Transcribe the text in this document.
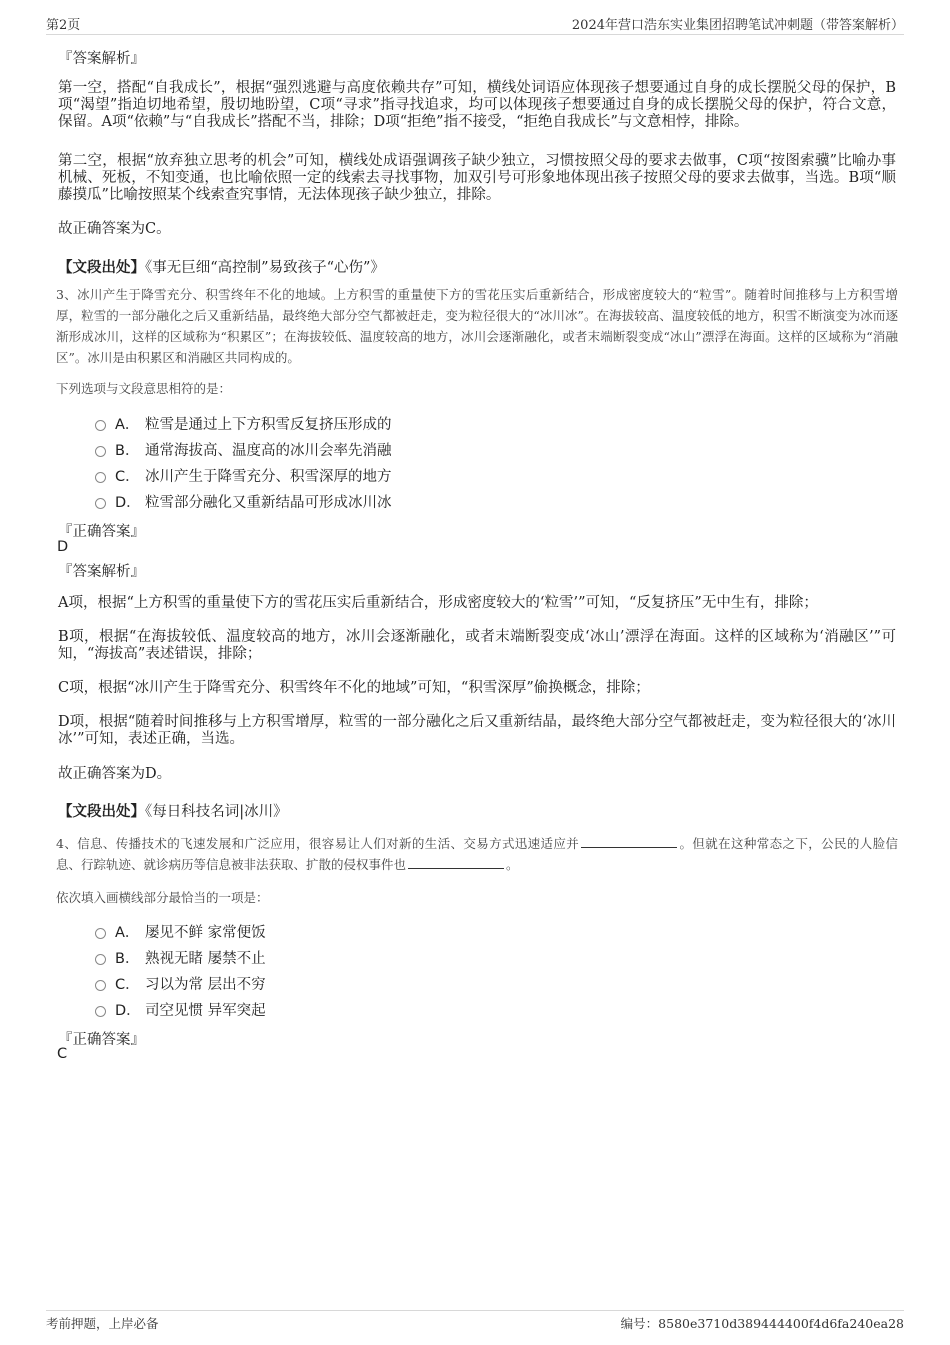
第2页	2024年营口浩东实业集团招聘笔试冲刺题（带答案解析）
『答案解析』
第一空，搭配“自我成长”，根据“强烈逃避与高度依赖共存”可知，横线处词语应体现孩子想要通过自身的成长摆脱父母的保护，B项“渴望”指迫切地希望，殷切地盼望，C项“寻求”指寻找追求，均可以体现孩子想要通过自身的成长摆脱父母的保护，符合文意，保留。A项“依赖”与“自我成长”搭配不当，排除；D项“拒绝”指不接受，“拒绝自我成长”与文意相悖，排除。
第二空，根据“放弃独立思考的机会”可知，横线处成语强调孩子缺少独立，习惯按照父母的要求去做事，C项“按图索骥”比喻办事机械、死板，不知变通，也比喻依照一定的线索去寻找事物，加双引号可形象地体现出孩子按照父母的要求去做事，当选。B项“顺藤摸瓜”比喻按照某个线索查究事情，无法体现孩子缺少独立，排除。
故正确答案为C。
【文段出处】《事无巨细“高控制”易致孩子“心伤”》
3、冰川产生于降雪充分、积雪终年不化的地域。上方积雪的重量使下方的雪花压实后重新结合，形成密度较大的“粒雪”。随着时间推移与上方积雪增厚，粒雪的一部分融化之后又重新结晶，最终绝大部分空气都被赶走，变为粒径很大的“冰川冰”。在海拔较高、温度较低的地方，积雪不断演变为冰而逐渐形成冰川，这样的区域称为“积累区”；在海拔较低、温度较高的地方，冰川会逐渐融化，或者末端断裂变成“冰山”漂浮在海面。这样的区域称为“消融区”。冰川是由积累区和消融区共同构成的。
下列选项与文段意思相符的是：
A． 粒雪是通过上下方积雪反复挤压形成的
B． 通常海拔高、温度高的冰川会率先消融
C． 冰川产生于降雪充分、积雪深厚的地方
D． 粒雪部分融化又重新结晶可形成冰川冰
『正确答案』
D
『答案解析』
A项，根据“上方积雪的重量使下方的雪花压实后重新结合，形成密度较大的‘粒雪’”可知，“反复挤压”无中生有，排除；
B项，根据“在海拔较低、温度较高的地方，冰川会逐渐融化，或者末端断裂变成‘冰山’漂浮在海面。这样的区域称为‘消融区’”可知，“海拔高”表述错误，排除；
C项，根据“冰川产生于降雪充分、积雪终年不化的地域”可知，“积雪深厚”偷换概念，排除；
D项，根据“随着时间推移与上方积雪增厚，粒雪的一部分融化之后又重新结晶，最终绝大部分空气都被赶走，变为粒径很大的‘冰川冰’”可知，表述正确，当选。
故正确答案为D。
【文段出处】《每日科技名词|冰川》
4、信息、传播技术的飞速发展和广泛应用，很容易让人们对新的生活、交易方式迅速适应并	。但就在这种常态之下，公民的人脸信息、行踪轨迹、就诊病历等信息被非法获取、扩散的侵权事件也	。
依次填入画横线部分最恰当的一项是：
A． 屡见不鲜 家常便饭
B． 熟视无睹 屡禁不止
C． 习以为常 层出不穷
D． 司空见惯 异军突起
『正确答案』
C
考前押题，上岸必备	编号：8580e3710d389444400f4d6fa240ea28
